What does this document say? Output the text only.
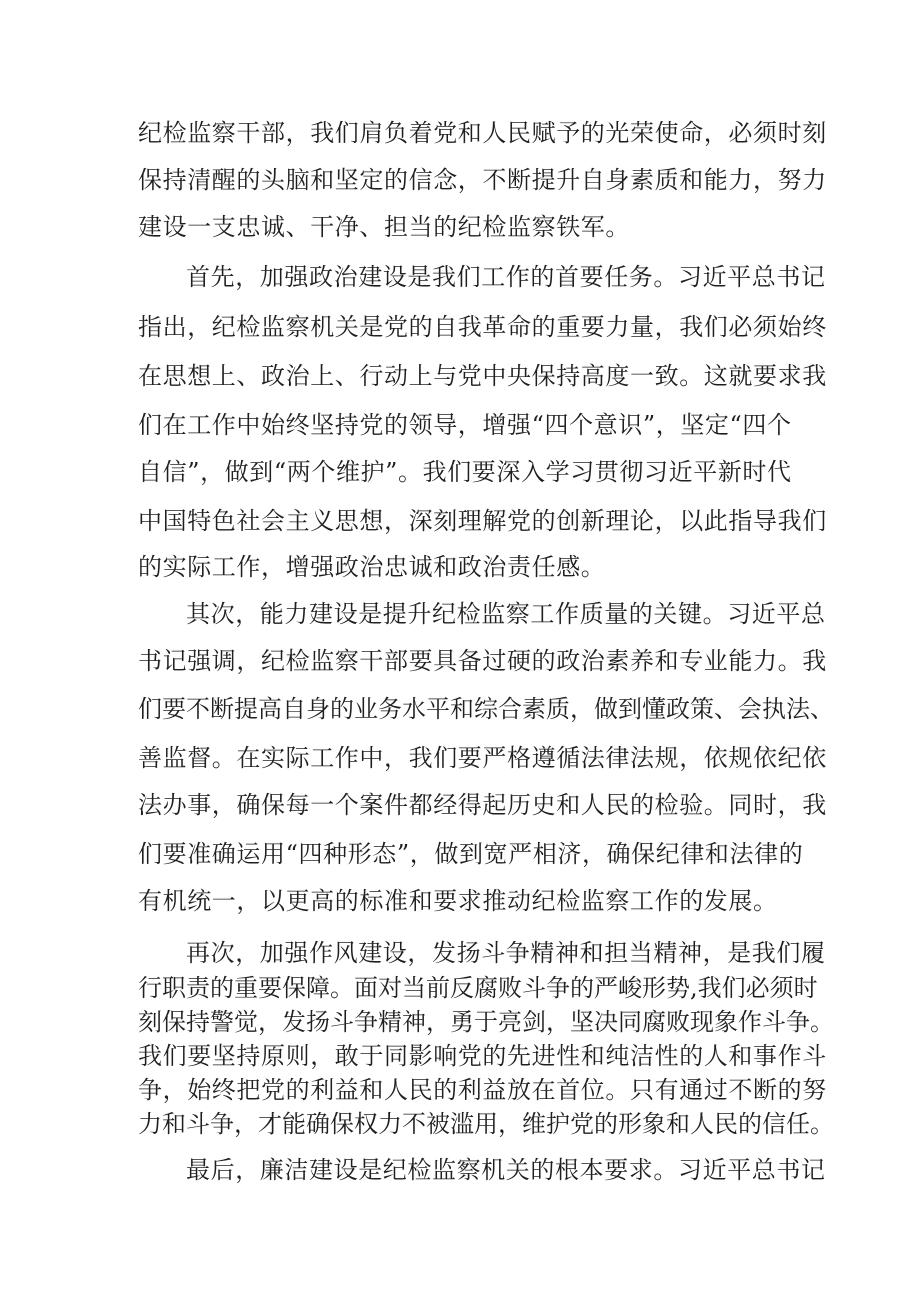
纪检监察干部，我们肩负着党和人民赋予的光荣使命，必须时刻
保持清醒的头脑和坚定的信念，不断提升自身素质和能力，努力
建设一支忠诚、干净、担当的纪检监察铁军。
首先，加强政治建设是我们工作的首要任务。习近平总书记
指出，纪检监察机关是党的自我革命的重要力量，我们必须始终
在思想上、政治上、行动上与党中央保持高度一致。这就要求我
们在工作中始终坚持党的领导，增强“四个意识”，坚定“四个
自信”，做到“两个维护”。我们要深入学习贯彻习近平新时代
中国特色社会主义思想，深刻理解党的创新理论，以此指导我们
的实际工作，增强政治忠诚和政治责任感。
其次，能力建设是提升纪检监察工作质量的关键。习近平总
书记强调，纪检监察干部要具备过硬的政治素养和专业能力。我
们要不断提高自身的业务水平和综合素质，做到懂政策、会执法、
善监督。在实际工作中，我们要严格遵循法律法规，依规依纪依
法办事，确保每一个案件都经得起历史和人民的检验。同时，我
们要准确运用“四种形态”，做到宽严相济，确保纪律和法律的
有机统一，以更高的标准和要求推动纪检监察工作的发展。
再次，加强作风建设，发扬斗争精神和担当精神，是我们履
行职责的重要保障。面对当前反腐败斗争的严峻形势,我们必须时
刻保持警觉，发扬斗争精神，勇于亮剑，坚决同腐败现象作斗争。
我们要坚持原则，敢于同影响党的先进性和纯洁性的人和事作斗
争，始终把党的利益和人民的利益放在首位。只有通过不断的努
力和斗争，才能确保权力不被滥用，维护党的形象和人民的信任。
最后，廉洁建设是纪检监察机关的根本要求。习近平总书记
